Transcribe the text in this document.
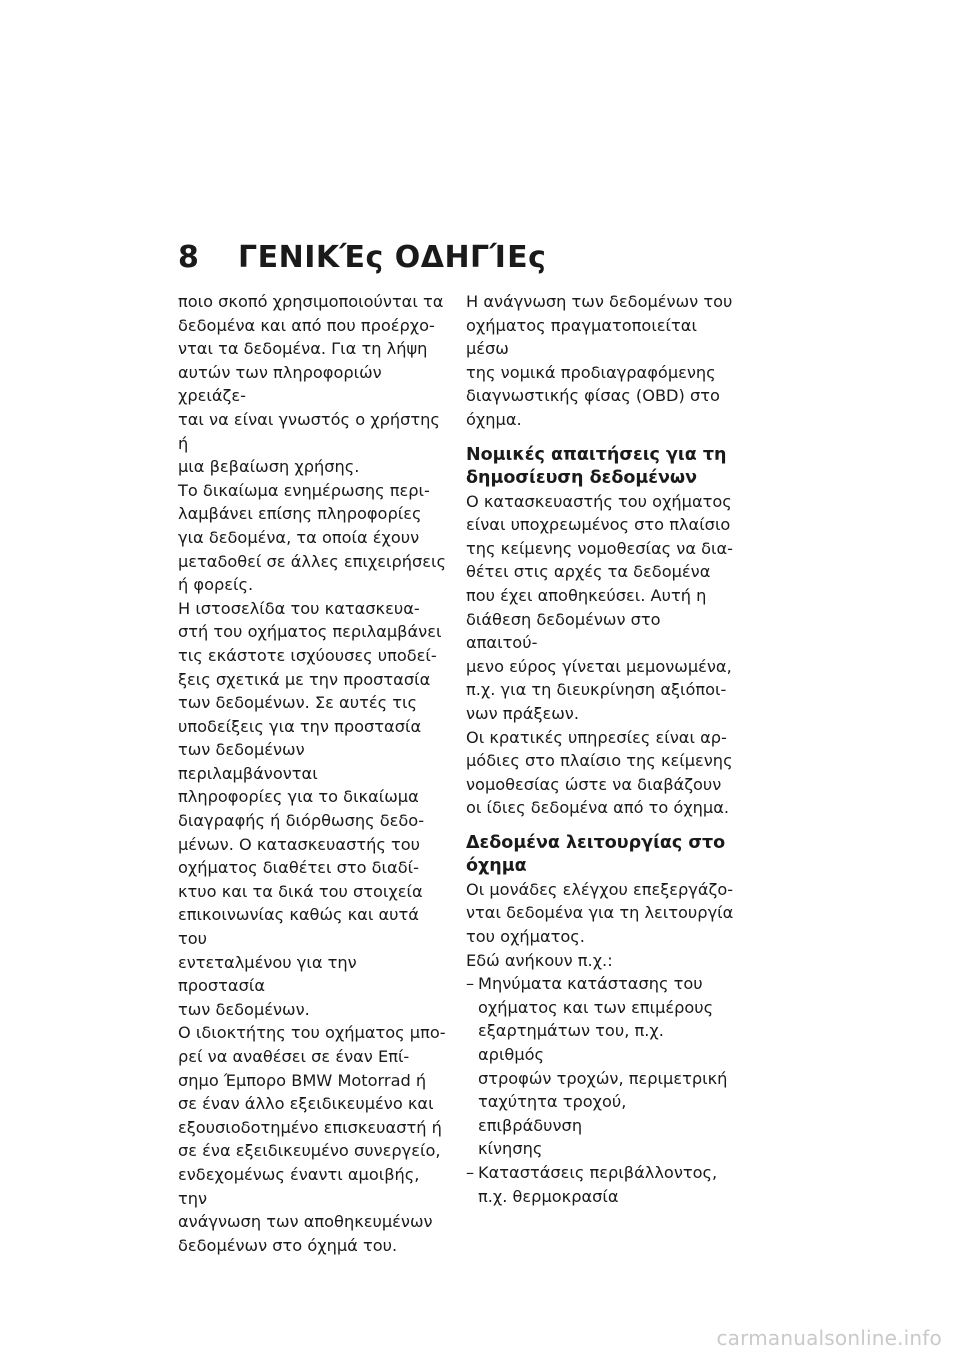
8	ΓΕΝΙΚΈς ΟΔΗΓΊΕς

ποιο σκοπό χρησιμοποιούνται τα
δεδομένα και από που προέρχο-
νται τα δεδομένα. Για τη λήψη
αυτών των πληροφοριών χρειάζε-
ται να είναι γνωστός ο χρήστης ή
μια βεβαίωση χρήσης.

Το δικαίωμα ενημέρωσης περι-
λαμβάνει επίσης πληροφορίες
για δεδομένα, τα οποία έχουν
μεταδοθεί σε άλλες επιχειρήσεις
ή φορείς.

Η ιστοσελίδα του κατασκευα-
στή του οχήματος περιλαμβάνει
τις εκάστοτε ισχύουσες υποδεί-
ξεις σχετικά με την προστασία
των δεδομένων. Σε αυτές τις
υποδείξεις για την προστασία
των δεδομένων περιλαμβάνονται
πληροφορίες για το δικαίωμα
διαγραφής ή διόρθωσης δεδο-
μένων. Ο κατασκευαστής του
οχήματος διαθέτει στο διαδί-
κτυο και τα δικά του στοιχεία
επικοινωνίας καθώς και αυτά του
εντεταλμένου για την προστασία
των δεδομένων.

Ο ιδιοκτήτης του οχήματος μπο-
ρεί να αναθέσει σε έναν Επί-
σημο Έμπορο BMW Motorrad ή
σε έναν άλλο εξειδικευμένο και
εξουσιοδοτημένο επισκευαστή ή
σε ένα εξειδικευμένο συνεργείο,
ενδεχομένως έναντι αμοιβής, την
ανάγνωση των αποθηκευμένων
δεδομένων στο όχημά του.

Η ανάγνωση των δεδομένων του
οχήματος πραγματοποιείται μέσω
της νομικά προδιαγραφόμενης
διαγνωστικής φίσας (OBD) στο
όχημα.

Νομικές απαιτήσεις για τη
δημοσίευση δεδομένων

Ο κατασκευαστής του οχήματος
είναι υποχρεωμένος στο πλαίσιο
της κείμενης νομοθεσίας να δια-
θέτει στις αρχές τα δεδομένα
που έχει αποθηκεύσει. Αυτή η
διάθεση δεδομένων στο απαιτού-
μενο εύρος γίνεται μεμονωμένα,
π.χ. για τη διευκρίνηση αξιόποι-
νων πράξεων.

Οι κρατικές υπηρεσίες είναι αρ-
μόδιες στο πλαίσιο της κείμενης
νομοθεσίας ώστε να διαβάζουν
οι ίδιες δεδομένα από το όχημα.

Δεδομένα λειτουργίας στο
όχημα

Οι μονάδες ελέγχου επεξεργάζο-
νται δεδομένα για τη λειτουργία
του οχήματος.

Εδώ ανήκουν π.χ.:

– Μηνύματα κατάστασης του
οχήματος και των επιμέρους
εξαρτημάτων του, π.χ. αριθμός
στροφών τροχών, περιμετρική
ταχύτητα τροχού, επιβράδυνση
κίνησης
– Καταστάσεις περιβάλλοντος,
π.χ. θερμοκρασία
carmanualsonline.info
